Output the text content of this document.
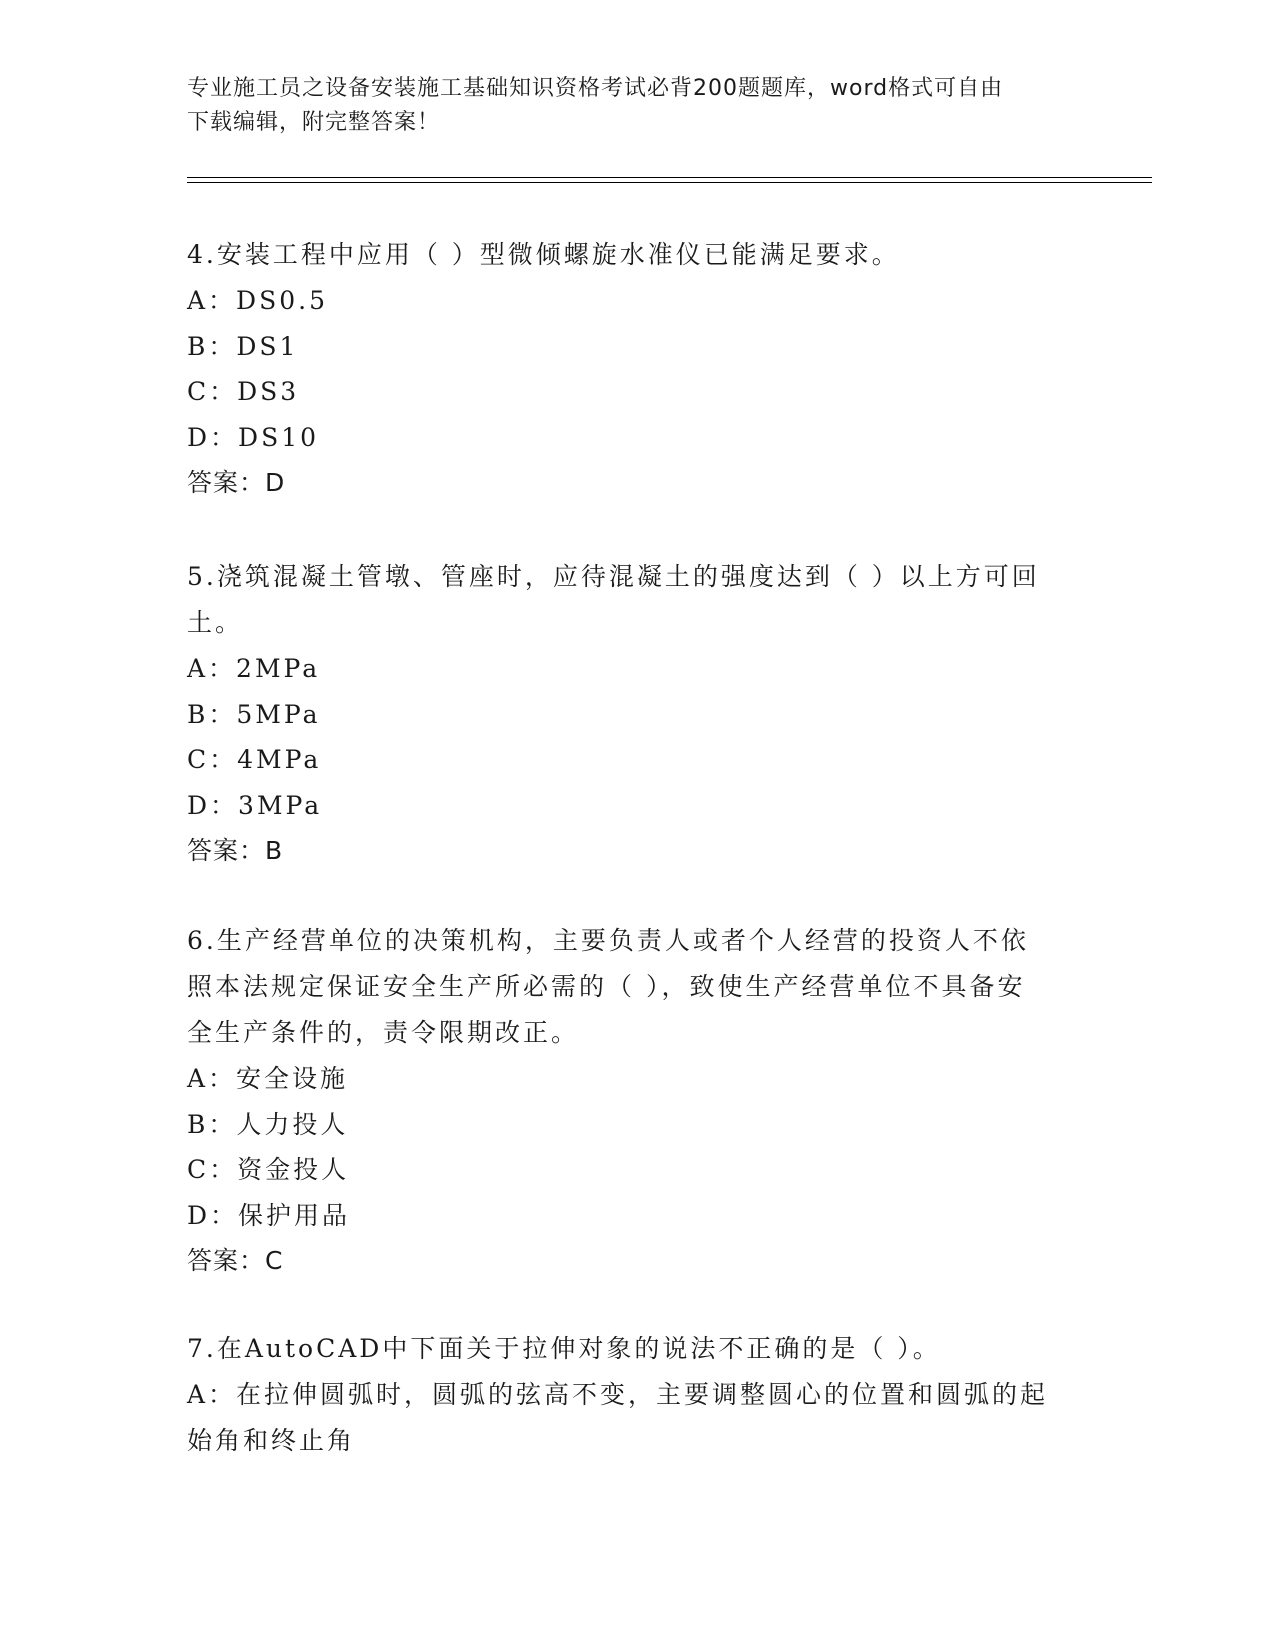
专业施工员之设备安装施工基础知识资格考试必背200题题库，word格式可自由
下载编辑，附完整答案！

4.安装工程中应用（ ）型微倾螺旋水准仪已能满足要求。

A：DS0.5

B：DS1

C：DS3

D：DS10

答案：D

5.浇筑混凝土管墩、管座时，应待混凝土的强度达到（ ）以上方可回

土。

A：2MPa

B：5MPa

C：4MPa

D：3MPa

答案：B

6.生产经营单位的决策机构，主要负责人或者个人经营的投资人不依

照本法规定保证安全生产所必需的（ ），致使生产经营单位不具备安

全生产条件的，责令限期改正。

A：安全设施

B：人力投人

C：资金投人

D：保护用品

答案：C

7.在AutoCAD中下面关于拉伸对象的说法不正确的是（ ）。

A：在拉伸圆弧时，圆弧的弦高不变，主要调整圆心的位置和圆弧的起

始角和终止角
